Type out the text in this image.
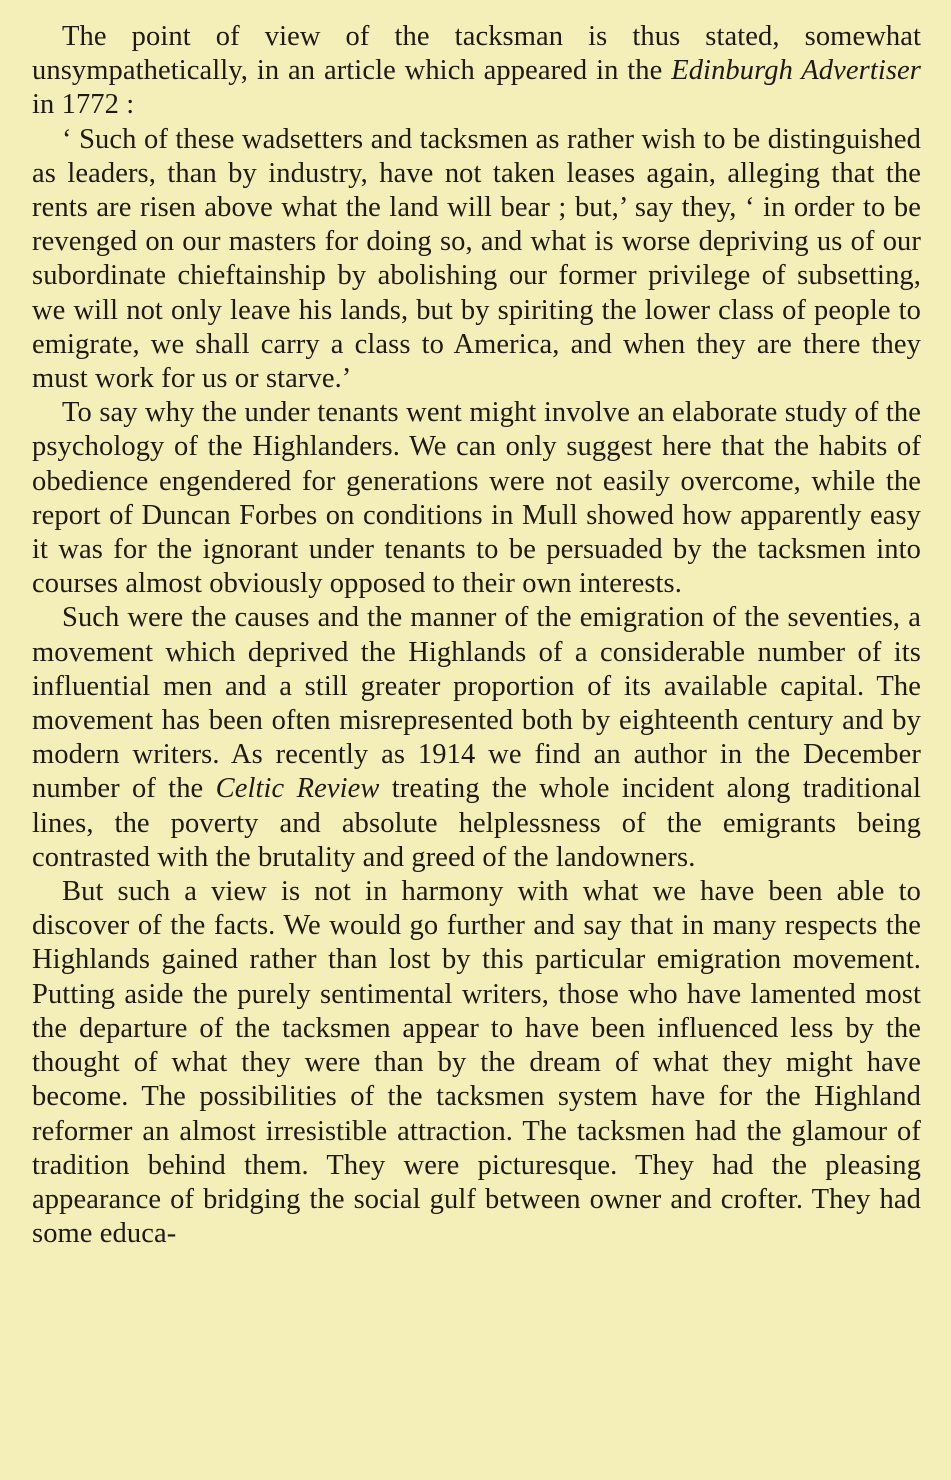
The point of view of the tacksman is thus stated, somewhat unsympathetically, in an article which appeared in the Edinburgh Advertiser in 1772 :

‘ Such of these wadsetters and tacksmen as rather wish to be distinguished as leaders, than by industry, have not taken leases again, alleging that the rents are risen above what the land will bear ; but,’ say they, ‘ in order to be revenged on our masters for doing so, and what is worse depriving us of our subordinate chieftainship by abolishing our former privilege of subsetting, we will not only leave his lands, but by spiriting the lower class of people to emigrate, we shall carry a class to America, and when they are there they must work for us or starve.’

To say why the under tenants went might involve an elaborate study of the psychology of the Highlanders. We can only suggest here that the habits of obedience engendered for generations were not easily overcome, while the report of Duncan Forbes on conditions in Mull showed how apparently easy it was for the ignorant under tenants to be persuaded by the tacksmen into courses almost obviously opposed to their own interests.

Such were the causes and the manner of the emigration of the seventies, a movement which deprived the Highlands of a considerable number of its influential men and a still greater proportion of its available capital. The movement has been often misrepresented both by eighteenth century and by modern writers. As recently as 1914 we find an author in the December number of the Celtic Review treating the whole incident along traditional lines, the poverty and absolute helplessness of the emigrants being contrasted with the brutality and greed of the landowners.

But such a view is not in harmony with what we have been able to discover of the facts. We would go further and say that in many respects the Highlands gained rather than lost by this particular emigration movement. Putting aside the purely sentimental writers, those who have lamented most the departure of the tacksmen appear to have been influenced less by the thought of what they were than by the dream of what they might have become. The possibilities of the tacksmen system have for the Highland reformer an almost irresistible attraction. The tacksmen had the glamour of tradition behind them. They were picturesque. They had the pleasing appearance of bridging the social gulf between owner and crofter. They had some educa-
